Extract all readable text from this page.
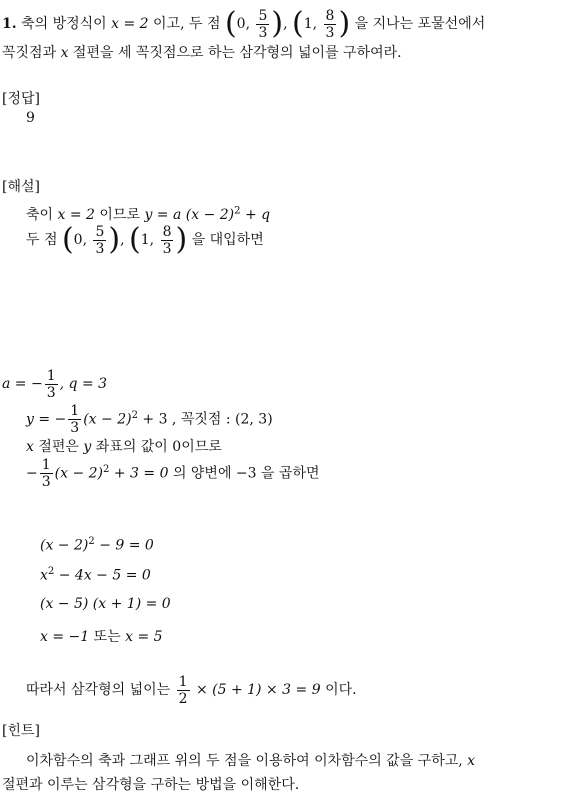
1. 축의 방정식이 x = 2 이고, 두 점 (0, $\frac{5}{3}$ ), (1, $\frac{8}{3}$ ) 을 지나는 포물선에서
꼭짓점과 x 절편을 세 꼭짓점으로 하는 삼각형의 넓이를 구하여라.
[정답]
9
[해설]
축이 x = 2 이므로 y = a $(x - 2)^2 + q$
두 점 (0, $\frac{5}{3}$ ), (1, $\frac{8}{3}$ ) 을 대입하면
a = − $\frac{1}{3}$ , q = 3
y = − $\frac{1}{3} (x - 2)^2 + 3$ , 꼭짓점 : (2, 3)
x 절편은 y 좌표의 값이 0이므로
− $\frac{1}{3} (x - 2)^2 + 3 = 0$ 의 양변에 −3 을 곱하면
$(x - 2)^2 - 9 = 0$
$x^2 - 4x - 5 = 0$
(x − 5) (x + 1) = 0
x = −1 또는 x = 5
따라서 삼각형의 넓이는 $\frac{1}{2} \times (5 + 1) \times 3 = 9$ 이다.
[힌트]
이차함수의 축과 그래프 위의 두 점을 이용하여 이차함수의 값을 구하고, x
절편과 이루는 삼각형을 구하는 방법을 이해한다.
